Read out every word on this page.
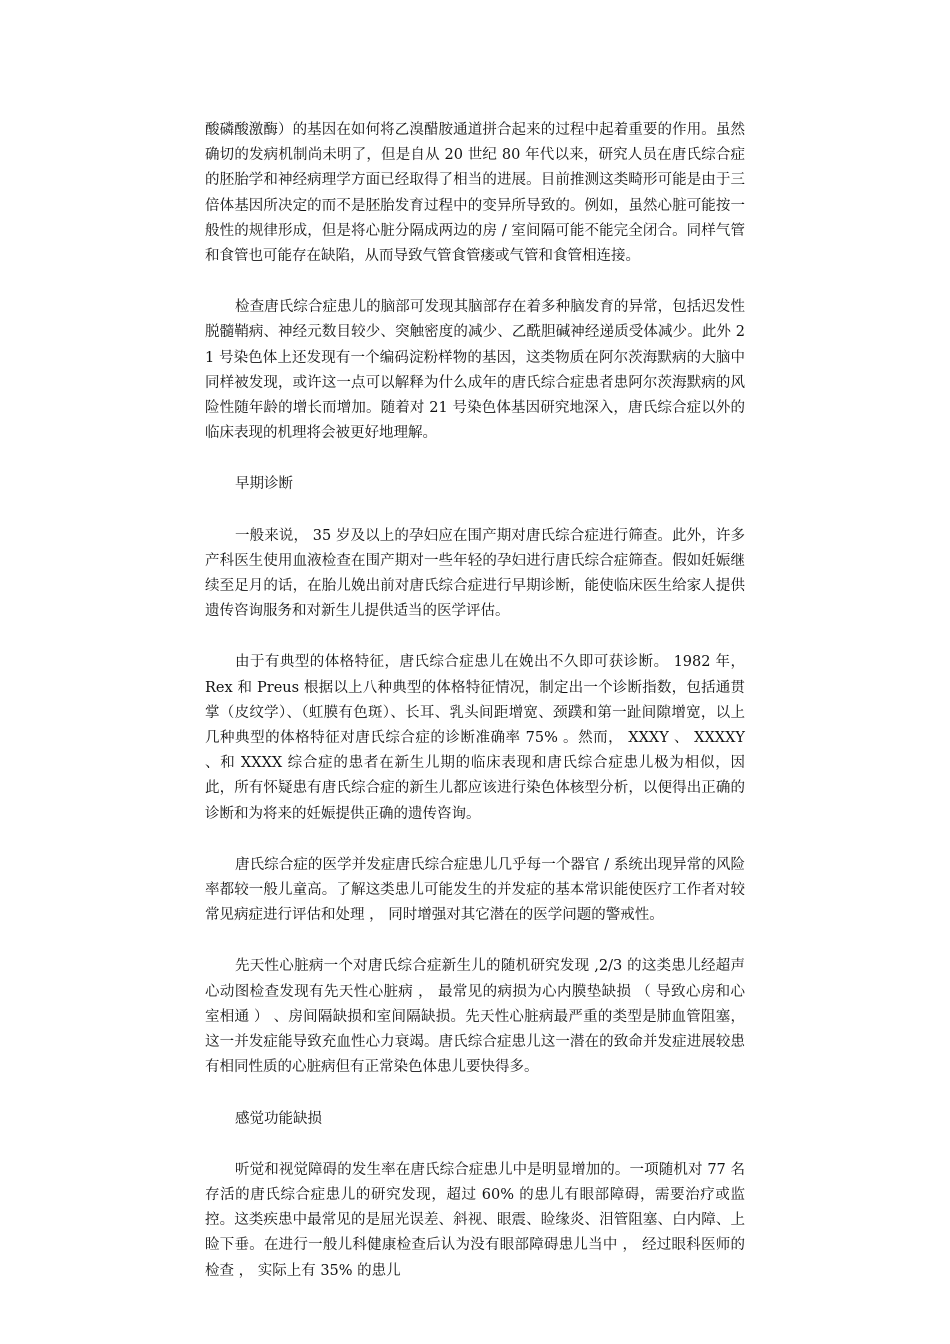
酸磷酸激酶）的基因在如何将乙溴醋胺通道拼合起来的过程中起着重要的作用。虽然确切的发病机制尚未明了，但是自从 20 世纪 80 年代以来，研究人员在唐氏综合症的胚胎学和神经病理学方面已经取得了相当的进展。目前推测这类畸形可能是由于三倍体基因所决定的而不是胚胎发育过程中的变异所导致的。例如，虽然心脏可能按一般性的规律形成，但是将心脏分隔成两边的房 / 室间隔可能不能完全闭合。同样气管和食管也可能存在缺陷，从而导致气管食管瘘或气管和食管相连接。

检查唐氏综合症患儿的脑部可发现其脑部存在着多种脑发育的异常，包括迟发性脱髓鞘病、神经元数目较少、突触密度的减少、乙酰胆碱神经递质受体减少。此外 21 号染色体上还发现有一个编码淀粉样物的基因，这类物质在阿尔茨海默病的大脑中同样被发现，或许这一点可以解释为什么成年的唐氏综合症患者患阿尔茨海默病的风险性随年龄的增长而增加。随着对 21 号染色体基因研究地深入，唐氏综合症以外的临床表现的机理将会被更好地理解。

早期诊断

一般来说， 35 岁及以上的孕妇应在围产期对唐氏综合症进行筛查。此外，许多产科医生使用血液检查在围产期对一些年轻的孕妇进行唐氏综合症筛查。假如妊娠继续至足月的话，在胎儿娩出前对唐氏综合症进行早期诊断，能使临床医生给家人提供遗传咨询服务和对新生儿提供适当的医学评估。

由于有典型的体格特征，唐氏综合症患儿在娩出不久即可获诊断。 1982 年， Rex 和 Preus 根据以上八种典型的体格特征情况，制定出一个诊断指数，包括通贯掌（皮纹学）、（虹膜有色斑）、长耳、乳头间距增宽、颈蹼和第一趾间隙增宽，以上几种典型的体格特征对唐氏综合症的诊断准确率 75% 。然而， XXXY 、 XXXXY 、和 XXXX 综合症的患者在新生儿期的临床表现和唐氏综合症患儿极为相似，因此，所有怀疑患有唐氏综合症的新生儿都应该进行染色体核型分析，以便得出正确的诊断和为将来的妊娠提供正确的遗传咨询。

唐氏综合症的医学并发症唐氏综合症患儿几乎每一个器官 / 系统出现异常的风险率都较一般儿童高。了解这类患儿可能发生的并发症的基本常识能使医疗工作者对较常见病症进行评估和处理 ， 同时增强对其它潜在的医学问题的警戒性。

先天性心脏病一个对唐氏综合症新生儿的随机研究发现 ,2/3 的这类患儿经超声心动图检查发现有先天性心脏病 ， 最常见的病损为心内膜垫缺损 （ 导致心房和心室相通 ） 、房间隔缺损和室间隔缺损。先天性心脏病最严重的类型是肺血管阻塞，这一并发症能导致充血性心力衰竭。唐氏综合症患儿这一潜在的致命并发症进展较患有相同性质的心脏病但有正常染色体患儿要快得多。

感觉功能缺损

听觉和视觉障碍的发生率在唐氏综合症患儿中是明显增加的。一项随机对 77 名存活的唐氏综合症患儿的研究发现，超过 60% 的患儿有眼部障碍，需要治疗或监控。这类疾患中最常见的是屈光误差、斜视、眼震、睑缘炎、泪管阻塞、白内障、上睑下垂。在进行一般儿科健康检查后认为没有眼部障碍患儿当中 ， 经过眼科医师的检查 ， 实际上有 35% 的患儿
